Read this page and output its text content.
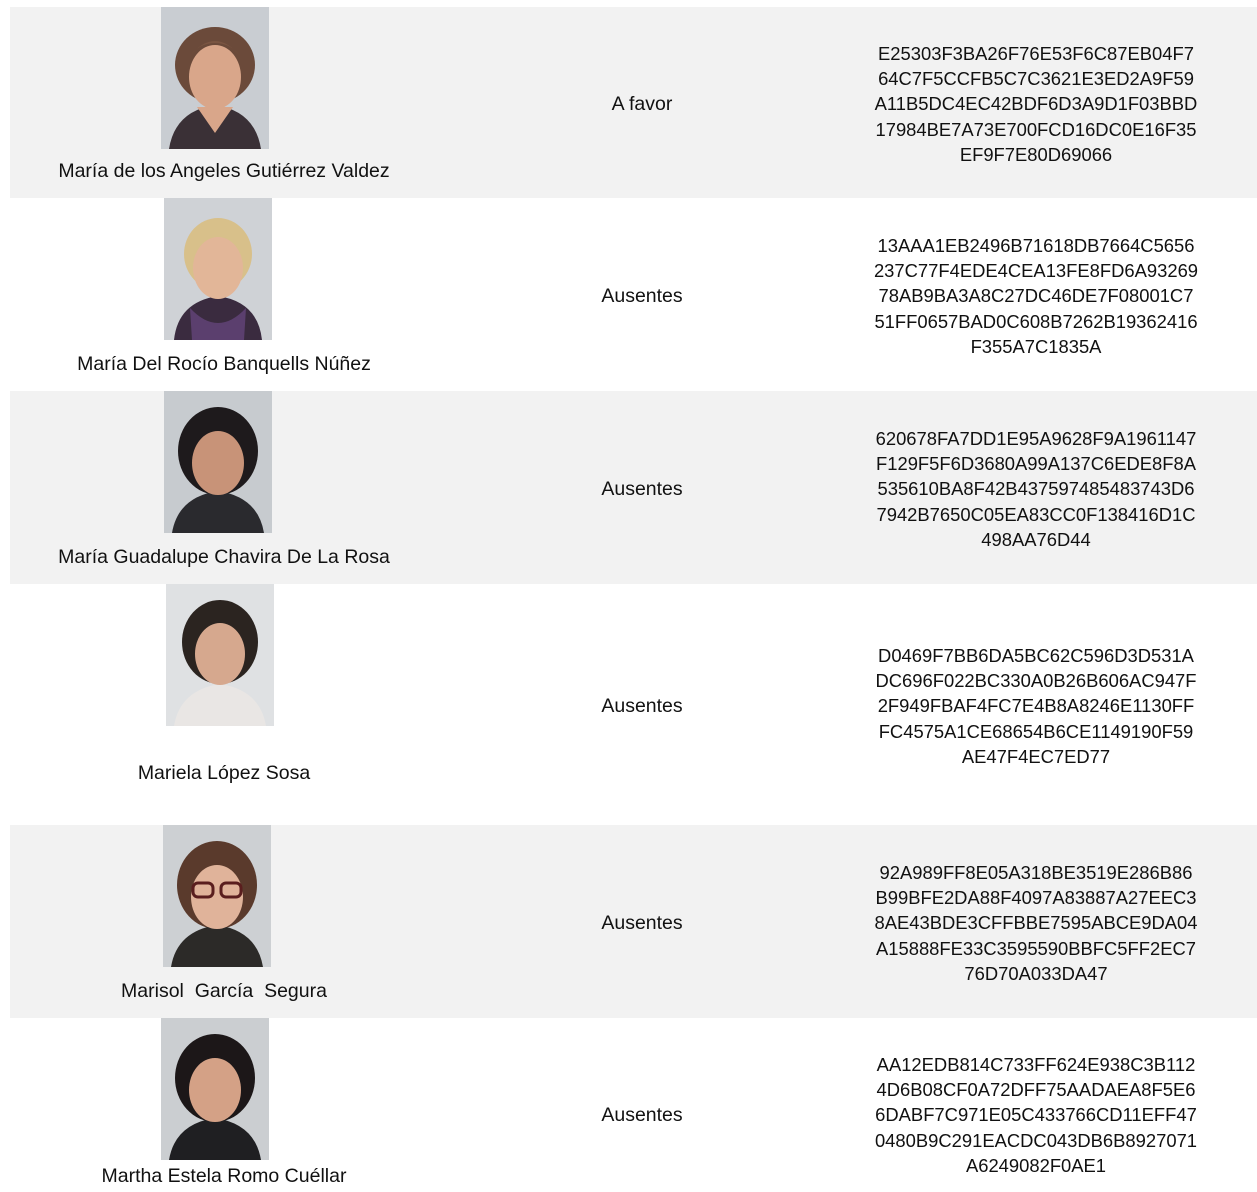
María de los Angeles Gutiérrez Valdez
A favor
E25303F3BA26F76E53F6C87EB04F7
64C7F5CCFB5C7C3621E3ED2A9F59
A11B5DC4EC42BDF6D3A9D1F03BBD
17984BE7A73E700FCD16DC0E16F35
EF9F7E80D69066
María Del Rocío Banquells Núñez
Ausentes
13AAA1EB2496B71618DB7664C5656
237C77F4EDE4CEA13FE8FD6A93269
78AB9BA3A8C27DC46DE7F08001C7
51FF0657BAD0C608B7262B19362416
F355A7C1835A
María Guadalupe Chavira De La Rosa
Ausentes
620678FA7DD1E95A9628F9A1961147
F129F5F6D3680A99A137C6EDE8F8A
535610BA8F42B437597485483743D6
7942B7650C05EA83CC0F138416D1C
498AA76D44
Mariela López Sosa
Ausentes
D0469F7BB6DA5BC62C596D3D531A
DC696F022BC330A0B26B606AC947F
2F949FBAF4FC7E4B8A8246E1130FF
FC4575A1CE68654B6CE1149190F59
AE47F4EC7ED77
Marisol  García  Segura
Ausentes
92A989FF8E05A318BE3519E286B86
B99BFE2DA88F4097A83887A27EEC3
8AE43BDE3CFFBBE7595ABCE9DA04
A15888FE33C3595590BBFC5FF2EC7
76D70A033DA47
Martha Estela Romo Cuéllar
Ausentes
AA12EDB814C733FF624E938C3B112
4D6B08CF0A72DFF75AADAEA8F5E6
6DABF7C971E05C433766CD11EFF47
0480B9C291EACDC043DB6B8927071
A6249082F0AE1
